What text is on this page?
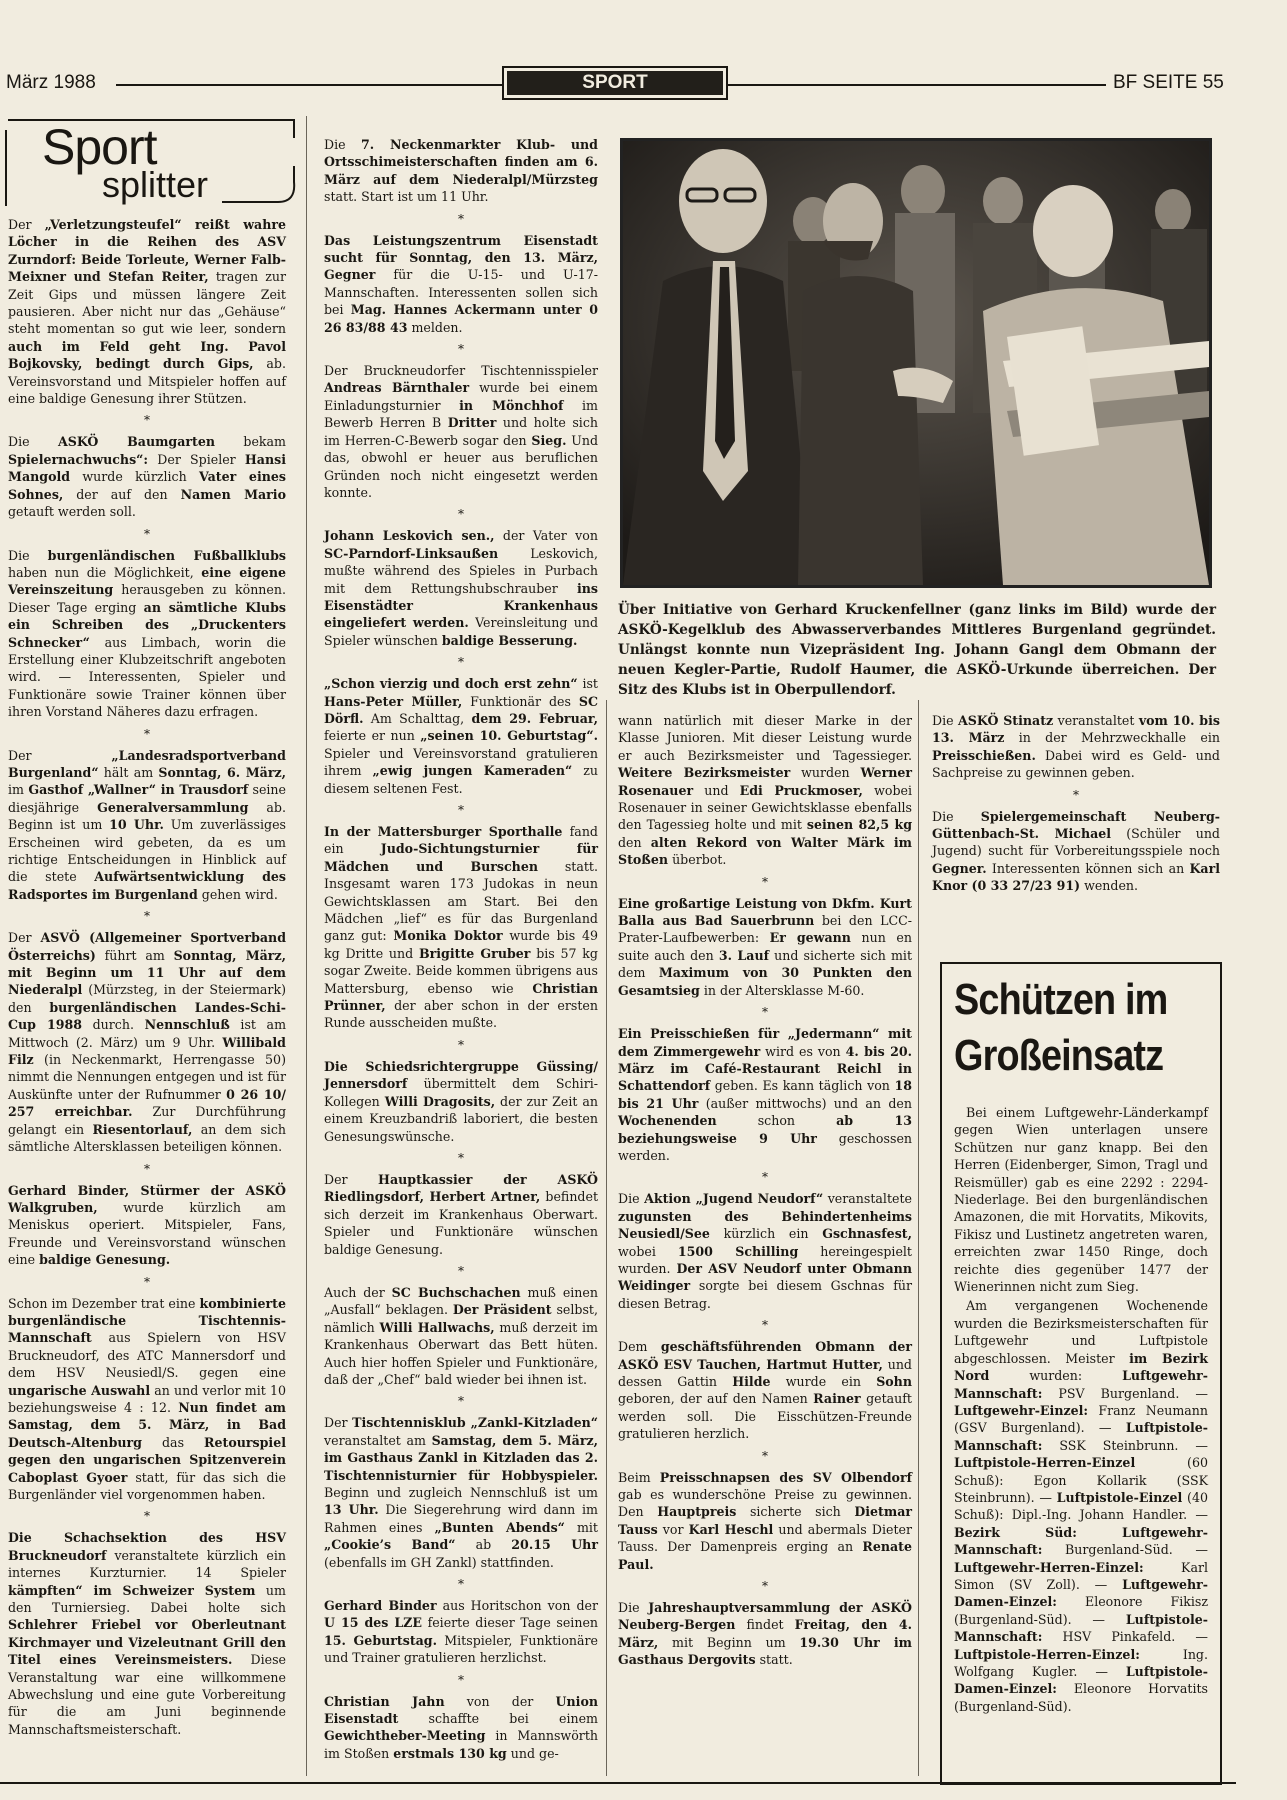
März 1988	SPORT	BF SEITE 55
Sport
splitter

Der „Verletzungsteufel“ reißt wahre Löcher in die Reihen des ASV Zurndorf: Beide Torleute, Werner Falb-Meixner und Stefan Reiter, tragen zur Zeit Gips und müssen längere Zeit pausieren. Aber nicht nur das „Gehäuse“ steht momentan so gut wie leer, sondern auch im Feld geht Ing. Pavol Bojkovsky, bedingt durch Gips, ab. Vereinsvorstand und Mitspieler hoffen auf eine baldige Genesung ihrer Stützen.

*

Die ASKÖ Baumgarten bekam Spielernachwuchs“: Der Spieler Hansi Mangold wurde kürzlich Vater eines Sohnes, der auf den Namen Mario getauft werden soll.

*

Die burgenländischen Fußballklubs haben nun die Möglichkeit, eine eigene Vereinszeitung herausgeben zu können. Dieser Tage erging an sämtliche Klubs ein Schreiben des „Druckenters Schnecker“ aus Limbach, worin die Erstellung einer Klubzeitschrift angeboten wird. — Interessenten, Spieler und Funktionäre sowie Trainer können über ihren Vorstand Näheres dazu erfragen.

*

Der „Landesradsportverband Burgenland“ hält am Sonntag, 6. März, im Gasthof „Wallner“ in Trausdorf seine diesjährige Generalversammlung ab. Beginn ist um 10 Uhr. Um zuverlässiges Erscheinen wird gebeten, da es um richtige Entscheidungen in Hinblick auf die stete Aufwärtsentwicklung des Radsportes im Burgenland gehen wird.

*

Der ASVÖ (Allgemeiner Sportverband Österreichs) führt am Sonntag, März, mit Beginn um 11 Uhr auf dem Niederalpl (Mürzsteg, in der Steiermark) den burgenländischen Landes-Schi-Cup 1988 durch. Nennschluß ist am Mittwoch (2. März) um 9 Uhr. Willibald Filz (in Neckenmarkt, Herrengasse 50) nimmt die Nennungen entgegen und ist für Auskünfte unter der Rufnummer 0 26 10/ 257 erreichbar. Zur Durchführung gelangt ein Riesentorlauf, an dem sich sämtliche Altersklassen beteiligen können.

*

Gerhard Binder, Stürmer der ASKÖ Walkgruben, wurde kürzlich am Meniskus operiert. Mitspieler, Fans, Freunde und Vereinsvorstand wünschen eine baldige Genesung.

*

Schon im Dezember trat eine kombinierte burgenländische Tischtennis-Mannschaft aus Spielern von HSV Bruckneudorf, des ATC Mannersdorf und dem HSV Neusiedl/S. gegen eine ungarische Auswahl an und verlor mit 10 beziehungsweise 4 : 12. Nun findet am Samstag, dem 5. März, in Bad Deutsch-Altenburg das Retourspiel gegen den ungarischen Spitzenverein Caboplast Gyoer statt, für das sich die Burgenländer viel vorgenommen haben.

*

Die Schachsektion des HSV Bruckneudorf veranstaltete kürzlich ein internes Kurzturnier. 14 Spieler kämpften“ im Schweizer System um den Turniersieg. Dabei holte sich Schlehrer Friebel vor Oberleutnant Kirchmayer und Vizeleutnant Grill den Titel eines Vereinsmeisters. Diese Veranstaltung war eine willkommene Abwechslung und eine gute Vorbereitung für die am Juni beginnende Mannschaftsmeisterschaft.

Die 7. Neckenmarkter Klub- und Ortsschimeisterschaften finden am 6. März auf dem Niederalpl/Mürzsteg statt. Start ist um 11 Uhr.

*

Das Leistungszentrum Eisenstadt sucht für Sonntag, den 13. März, Gegner für die U-15- und U-17-Mannschaften. Interessenten sollen sich bei Mag. Hannes Ackermann unter 0 26 83/88 43 melden.

*

Der Bruckneudorfer Tischtennisspieler Andreas Bärnthaler wurde bei einem Einladungsturnier in Mönchhof im Bewerb Herren B Dritter und holte sich im Herren-C-Bewerb sogar den Sieg. Und das, obwohl er heuer aus beruflichen Gründen noch nicht eingesetzt werden konnte.

*

Johann Leskovich sen., der Vater von SC-Parndorf-Linksaußen Leskovich, mußte während des Spieles in Purbach mit dem Rettungshubschrauber ins Eisenstädter Krankenhaus eingeliefert werden. Vereinsleitung und Spieler wünschen baldige Besserung.

*

„Schon vierzig und doch erst zehn“ ist Hans-Peter Müller, Funktionär des SC Dörfl. Am Schalttag, dem 29. Februar, feierte er nun „seinen 10. Geburtstag“. Spieler und Vereinsvorstand gratulieren ihrem „ewig jungen Kameraden“ zu diesem seltenen Fest.

*

In der Mattersburger Sporthalle fand ein Judo-Sichtungsturnier für Mädchen und Burschen statt. Insgesamt waren 173 Judokas in neun Gewichtsklassen am Start. Bei den Mädchen „lief“ es für das Burgenland ganz gut: Monika Doktor wurde bis 49 kg Dritte und Brigitte Gruber bis 57 kg sogar Zweite. Beide kommen übrigens aus Mattersburg, ebenso wie Christian Prünner, der aber schon in der ersten Runde ausscheiden mußte.

*

Die Schiedsrichtergruppe Güssing/ Jennersdorf übermittelt dem Schiri-Kollegen Willi Dragosits, der zur Zeit an einem Kreuzbandriß laboriert, die besten Genesungswünsche.

*

Der Hauptkassier der ASKÖ Riedlingsdorf, Herbert Artner, befindet sich derzeit im Krankenhaus Oberwart. Spieler und Funktionäre wünschen baldige Genesung.

*

Auch der SC Buchschachen muß einen „Ausfall“ beklagen. Der Präsident selbst, nämlich Willi Hallwachs, muß derzeit im Krankenhaus Oberwart das Bett hüten. Auch hier hoffen Spieler und Funktionäre, daß der „Chef“ bald wieder bei ihnen ist.

*

Der Tischtennisklub „Zankl-Kitzladen“ veranstaltet am Samstag, dem 5. März, im Gasthaus Zankl in Kitzladen das 2. Tischtennisturnier für Hobbyspieler. Beginn und zugleich Nennschluß ist um 13 Uhr. Die Siegerehrung wird dann im Rahmen eines „Bunten Abends“ mit „Cookie’s Band“ ab 20.15 Uhr (ebenfalls im GH Zankl) stattfinden.

*

Gerhard Binder aus Horitschon von der U 15 des LZE feierte dieser Tage seinen 15. Geburtstag. Mitspieler, Funktionäre und Trainer gratulieren herzlichst.

*

Christian Jahn von der Union Eisenstadt schaffte bei einem Gewichtheber-Meeting in Mannswörth im Stoßen erstmals 130 kg und ge-

Über Initiative von Gerhard Kruckenfellner (ganz links im Bild) wurde der ASKÖ-Kegelklub des Abwasserverbandes Mittleres Burgenland gegründet. Unlängst konnte nun Vizepräsident Ing. Johann Gangl dem Obmann der neuen Kegler-Partie, Rudolf Haumer, die ASKÖ-Urkunde überreichen. Der Sitz des Klubs ist in Oberpullendorf.

wann natürlich mit dieser Marke in der Klasse Junioren. Mit dieser Leistung wurde er auch Bezirksmeister und Tagessieger. Weitere Bezirksmeister wurden Werner Rosenauer und Edi Pruckmoser, wobei Rosenauer in seiner Gewichtsklasse ebenfalls den Tagessieg holte und mit seinen 82,5 kg den alten Rekord von Walter Märk im Stoßen überbot.

*

Eine großartige Leistung von Dkfm. Kurt Balla aus Bad Sauerbrunn bei den LCC-Prater-Laufbewerben: Er gewann nun en suite auch den 3. Lauf und sicherte sich mit dem Maximum von 30 Punkten den Gesamtsieg in der Altersklasse M-60.

*

Ein Preisschießen für „Jedermann“ mit dem Zimmergewehr wird es von 4. bis 20. März im Café-Restaurant Reichl in Schattendorf geben. Es kann täglich von 18 bis 21 Uhr (außer mittwochs) und an den Wochenenden schon ab 13 beziehungsweise 9 Uhr geschossen werden.

*

Die Aktion „Jugend Neudorf“ veranstaltete zugunsten des Behindertenheims Neusiedl/See kürzlich ein Gschnasfest, wobei 1500 Schilling hereingespielt wurden. Der ASV Neudorf unter Obmann Weidinger sorgte bei diesem Gschnas für diesen Betrag.

*

Dem geschäftsführenden Obmann der ASKÖ ESV Tauchen, Hartmut Hutter, und dessen Gattin Hilde wurde ein Sohn geboren, der auf den Namen Rainer getauft werden soll. Die Eisschützen-Freunde gratulieren herzlich.

*

Beim Preisschnapsen des SV Olbendorf gab es wunderschöne Preise zu gewinnen. Den Hauptpreis sicherte sich Dietmar Tauss vor Karl Heschl und abermals Dieter Tauss. Der Damenpreis erging an Renate Paul.

*

Die Jahreshauptversammlung der ASKÖ Neuberg-Bergen findet Freitag, den 4. März, mit Beginn um 19.30 Uhr im Gasthaus Dergovits statt.

Die ASKÖ Stinatz veranstaltet vom 10. bis 13. März in der Mehrzweckhalle ein Preisschießen. Dabei wird es Geld- und Sachpreise zu gewinnen geben.

*

Die Spielergemeinschaft Neuberg-Güttenbach-St. Michael (Schüler und Jugend) sucht für Vorbereitungsspiele noch Gegner. Interessenten können sich an Karl Knor (0 33 27/23 91) wenden.

Schützen im
Großeinsatz

Bei einem Luftgewehr-Länderkampf gegen Wien unterlagen unsere Schützen nur ganz knapp. Bei den Herren (Eidenberger, Simon, Tragl und Reismüller) gab es eine 2292 : 2294-Niederlage. Bei den burgenländischen Amazonen, die mit Horvatits, Mikovits, Fikisz und Lustinetz angetreten waren, erreichten zwar 1450 Ringe, doch reichte dies gegenüber 1477 der Wienerinnen nicht zum Sieg.

Am vergangenen Wochenende wurden die Bezirksmeisterschaften für Luftgewehr und Luftpistole abgeschlossen. Meister im Bezirk Nord wurden: Luftgewehr-Mannschaft: PSV Burgenland. — Luftgewehr-Einzel: Franz Neumann (GSV Burgenland). — Luftpistole-Mannschaft: SSK Steinbrunn. — Luftpistole-Herren-Einzel (60 Schuß): Egon Kollarik (SSK Steinbrunn). — Luftpistole-Einzel (40 Schuß): Dipl.-Ing. Johann Handler. — Bezirk Süd: Luftgewehr-Mannschaft: Burgenland-Süd. — Luftgewehr-Herren-Einzel: Karl Simon (SV Zoll). — Luftgewehr-Damen-Einzel: Eleonore Fikisz (Burgenland-Süd). — Luftpistole-Mannschaft: HSV Pinkafeld. — Luftpistole-Herren-Einzel: Ing. Wolfgang Kugler. — Luftpistole-Damen-Einzel: Eleonore Horvatits (Burgenland-Süd).
